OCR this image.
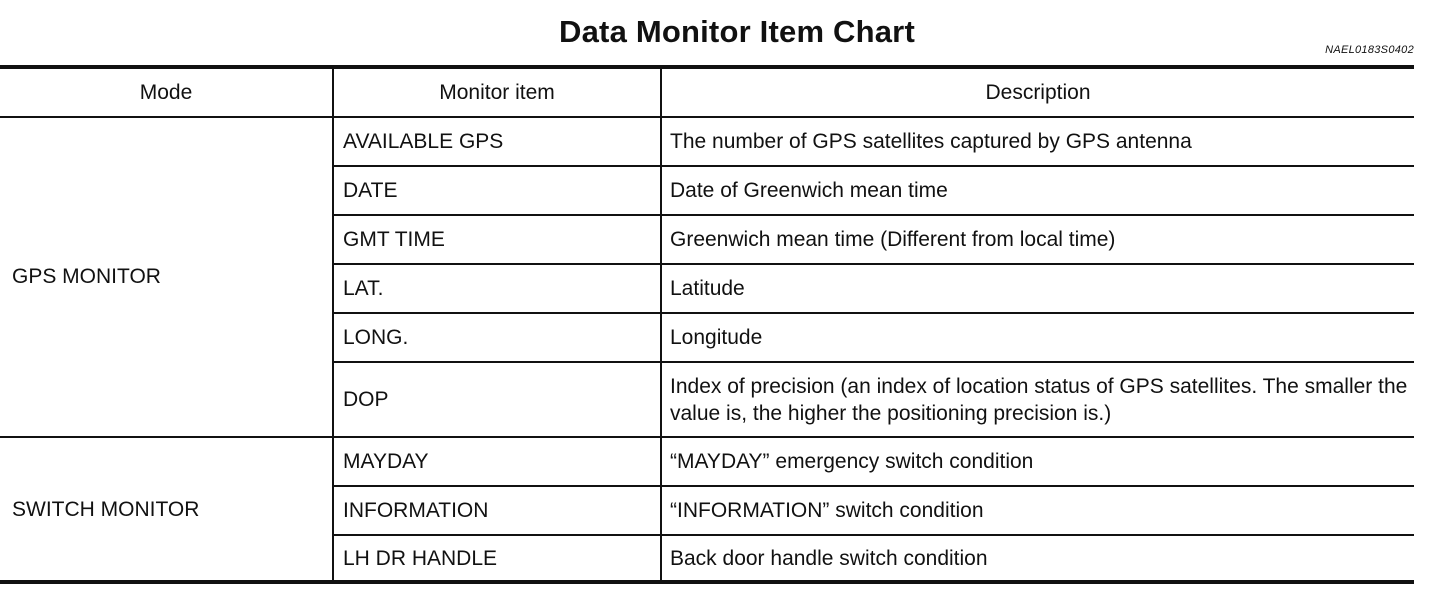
Data Monitor Item Chart
NAEL0183S0402
Mode	Monitor item	Description
GPS MONITOR	AVAILABLE GPS	The number of GPS satellites captured by GPS antenna
	DATE	Date of Greenwich mean time
	GMT TIME	Greenwich mean time (Different from local time)
	LAT.	Latitude
	LONG.	Longitude
	DOP	Index of precision (an index of location status of GPS satellites. The smaller the value is, the higher the positioning precision is.)
SWITCH MONITOR	MAYDAY	“MAYDAY” emergency switch condition
	INFORMATION	“INFORMATION” switch condition
	LH DR HANDLE	Back door handle switch condition
